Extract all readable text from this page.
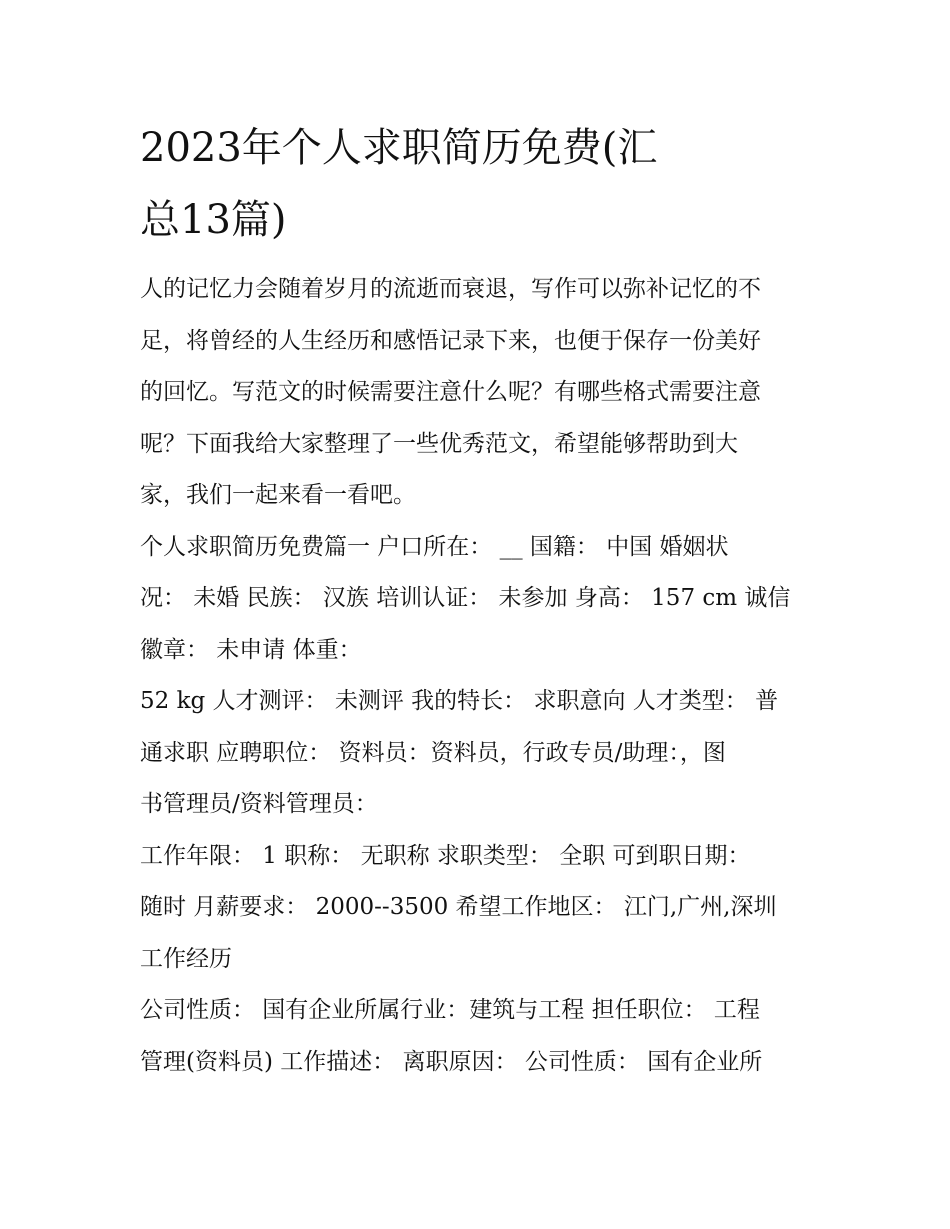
2023年个人求职简历免费(汇
总13篇)

人的记忆力会随着岁月的流逝而衰退，写作可以弥补记忆的不
足，将曾经的人生经历和感悟记录下来，也便于保存一份美好
的回忆。写范文的时候需要注意什么呢？有哪些格式需要注意
呢？下面我给大家整理了一些优秀范文，希望能够帮助到大
家，我们一起来看一看吧。

个人求职简历免费篇一 户口所在： __ 国籍： 中国 婚姻状
况： 未婚 民族： 汉族 培训认证： 未参加 身高： 157 cm 诚信
徽章： 未申请 体重：

52 kg 人才测评： 未测评 我的特长： 求职意向 人才类型： 普
通求职 应聘职位： 资料员：资料员，行政专员/助理：，图
书管理员/资料管理员：

工作年限： 1 职称： 无职称 求职类型： 全职 可到职日期：
随时 月薪要求： 2000--3500 希望工作地区： 江门,广州,深圳
工作经历

公司性质： 国有企业所属行业：建筑与工程 担任职位： 工程
管理(资料员) 工作描述： 离职原因： 公司性质： 国有企业所
